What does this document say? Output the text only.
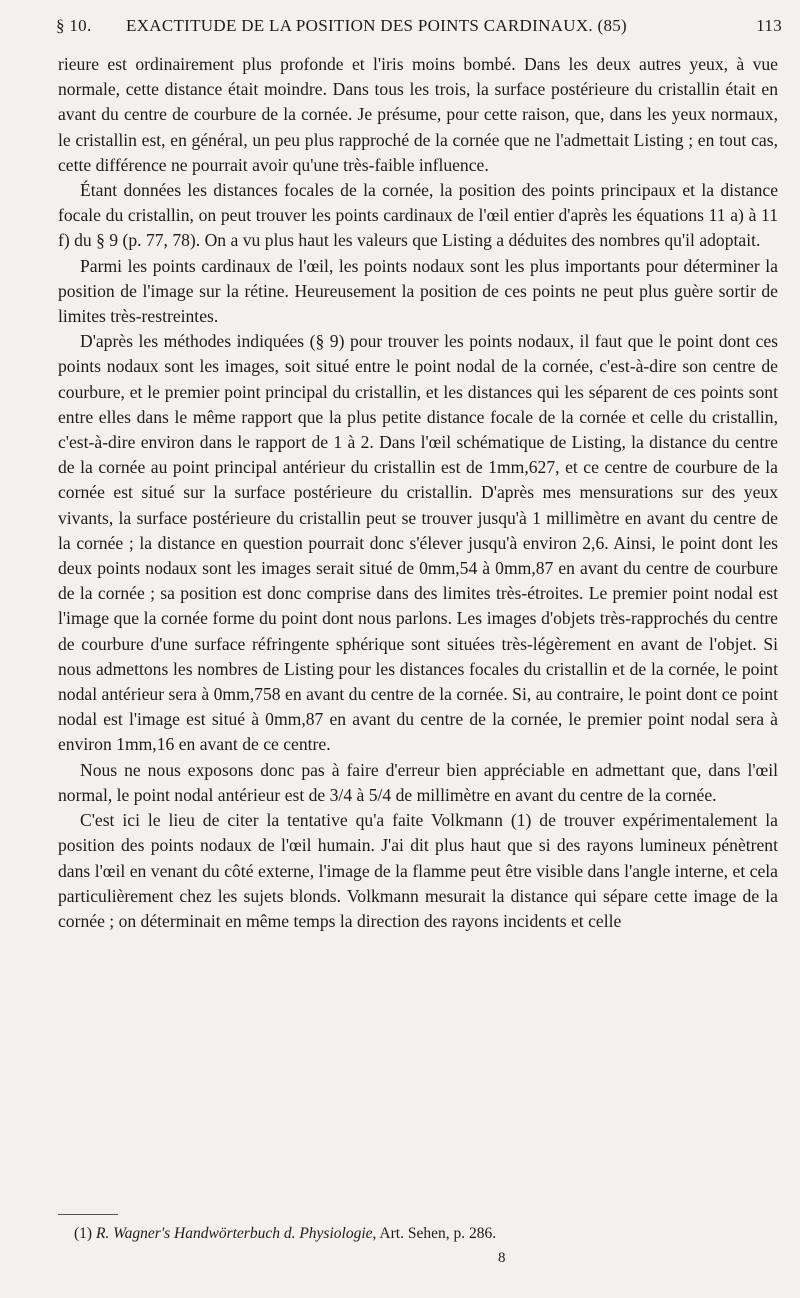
§ 10. EXACTITUDE DE LA POSITION DES POINTS CARDINAUX. (85)	113

rieure est ordinairement plus profonde et l'iris moins bombé. Dans les deux autres yeux, à vue normale, cette distance était moindre. Dans tous les trois, la surface postérieure du cristallin était en avant du centre de courbure de la cornée. Je présume, pour cette raison, que, dans les yeux normaux, le cristallin est, en général, un peu plus rapproché de la cornée que ne l'admettait Listing ; en tout cas, cette différence ne pourrait avoir qu'une très-faible influence.

Étant données les distances focales de la cornée, la position des points principaux et la distance focale du cristallin, on peut trouver les points cardinaux de l'œil entier d'après les équations 11 a) à 11 f) du § 9 (p. 77, 78). On a vu plus haut les valeurs que Listing a déduites des nombres qu'il adoptait.

Parmi les points cardinaux de l'œil, les points nodaux sont les plus importants pour déterminer la position de l'image sur la rétine. Heureusement la position de ces points ne peut plus guère sortir de limites très-restreintes.

D'après les méthodes indiquées (§ 9) pour trouver les points nodaux, il faut que le point dont ces points nodaux sont les images, soit situé entre le point nodal de la cornée, c'est-à-dire son centre de courbure, et le premier point principal du cristallin, et les distances qui les séparent de ces points sont entre elles dans le même rapport que la plus petite distance focale de la cornée et celle du cristallin, c'est-à-dire environ dans le rapport de 1 à 2. Dans l'œil schématique de Listing, la distance du centre de la cornée au point principal antérieur du cristallin est de 1mm,627, et ce centre de courbure de la cornée est situé sur la surface postérieure du cristallin. D'après mes mensurations sur des yeux vivants, la surface postérieure du cristallin peut se trouver jusqu'à 1 millimètre en avant du centre de la cornée ; la distance en question pourrait donc s'élever jusqu'à environ 2,6. Ainsi, le point dont les deux points nodaux sont les images serait situé de 0mm,54 à 0mm,87 en avant du centre de courbure de la cornée ; sa position est donc comprise dans des limites très-étroites. Le premier point nodal est l'image que la cornée forme du point dont nous parlons. Les images d'objets très-rapprochés du centre de courbure d'une surface réfringente sphérique sont situées très-légèrement en avant de l'objet. Si nous admettons les nombres de Listing pour les distances focales du cristallin et de la cornée, le point nodal antérieur sera à 0mm,758 en avant du centre de la cornée. Si, au contraire, le point dont ce point nodal est l'image est situé à 0mm,87 en avant du centre de la cornée, le premier point nodal sera à environ 1mm,16 en avant de ce centre.

Nous ne nous exposons donc pas à faire d'erreur bien appréciable en admettant que, dans l'œil normal, le point nodal antérieur est de 3/4 à 5/4 de millimètre en avant du centre de la cornée.

C'est ici le lieu de citer la tentative qu'a faite Volkmann (1) de trouver expérimentalement la position des points nodaux de l'œil humain. J'ai dit plus haut que si des rayons lumineux pénètrent dans l'œil en venant du côté externe, l'image de la flamme peut être visible dans l'angle interne, et cela particulièrement chez les sujets blonds. Volkmann mesurait la distance qui sépare cette image de la cornée ; on déterminait en même temps la direction des rayons incidents et celle

(1) R. Wagner's Handwörterbuch d. Physiologie, Art. Sehen, p. 286.
8
